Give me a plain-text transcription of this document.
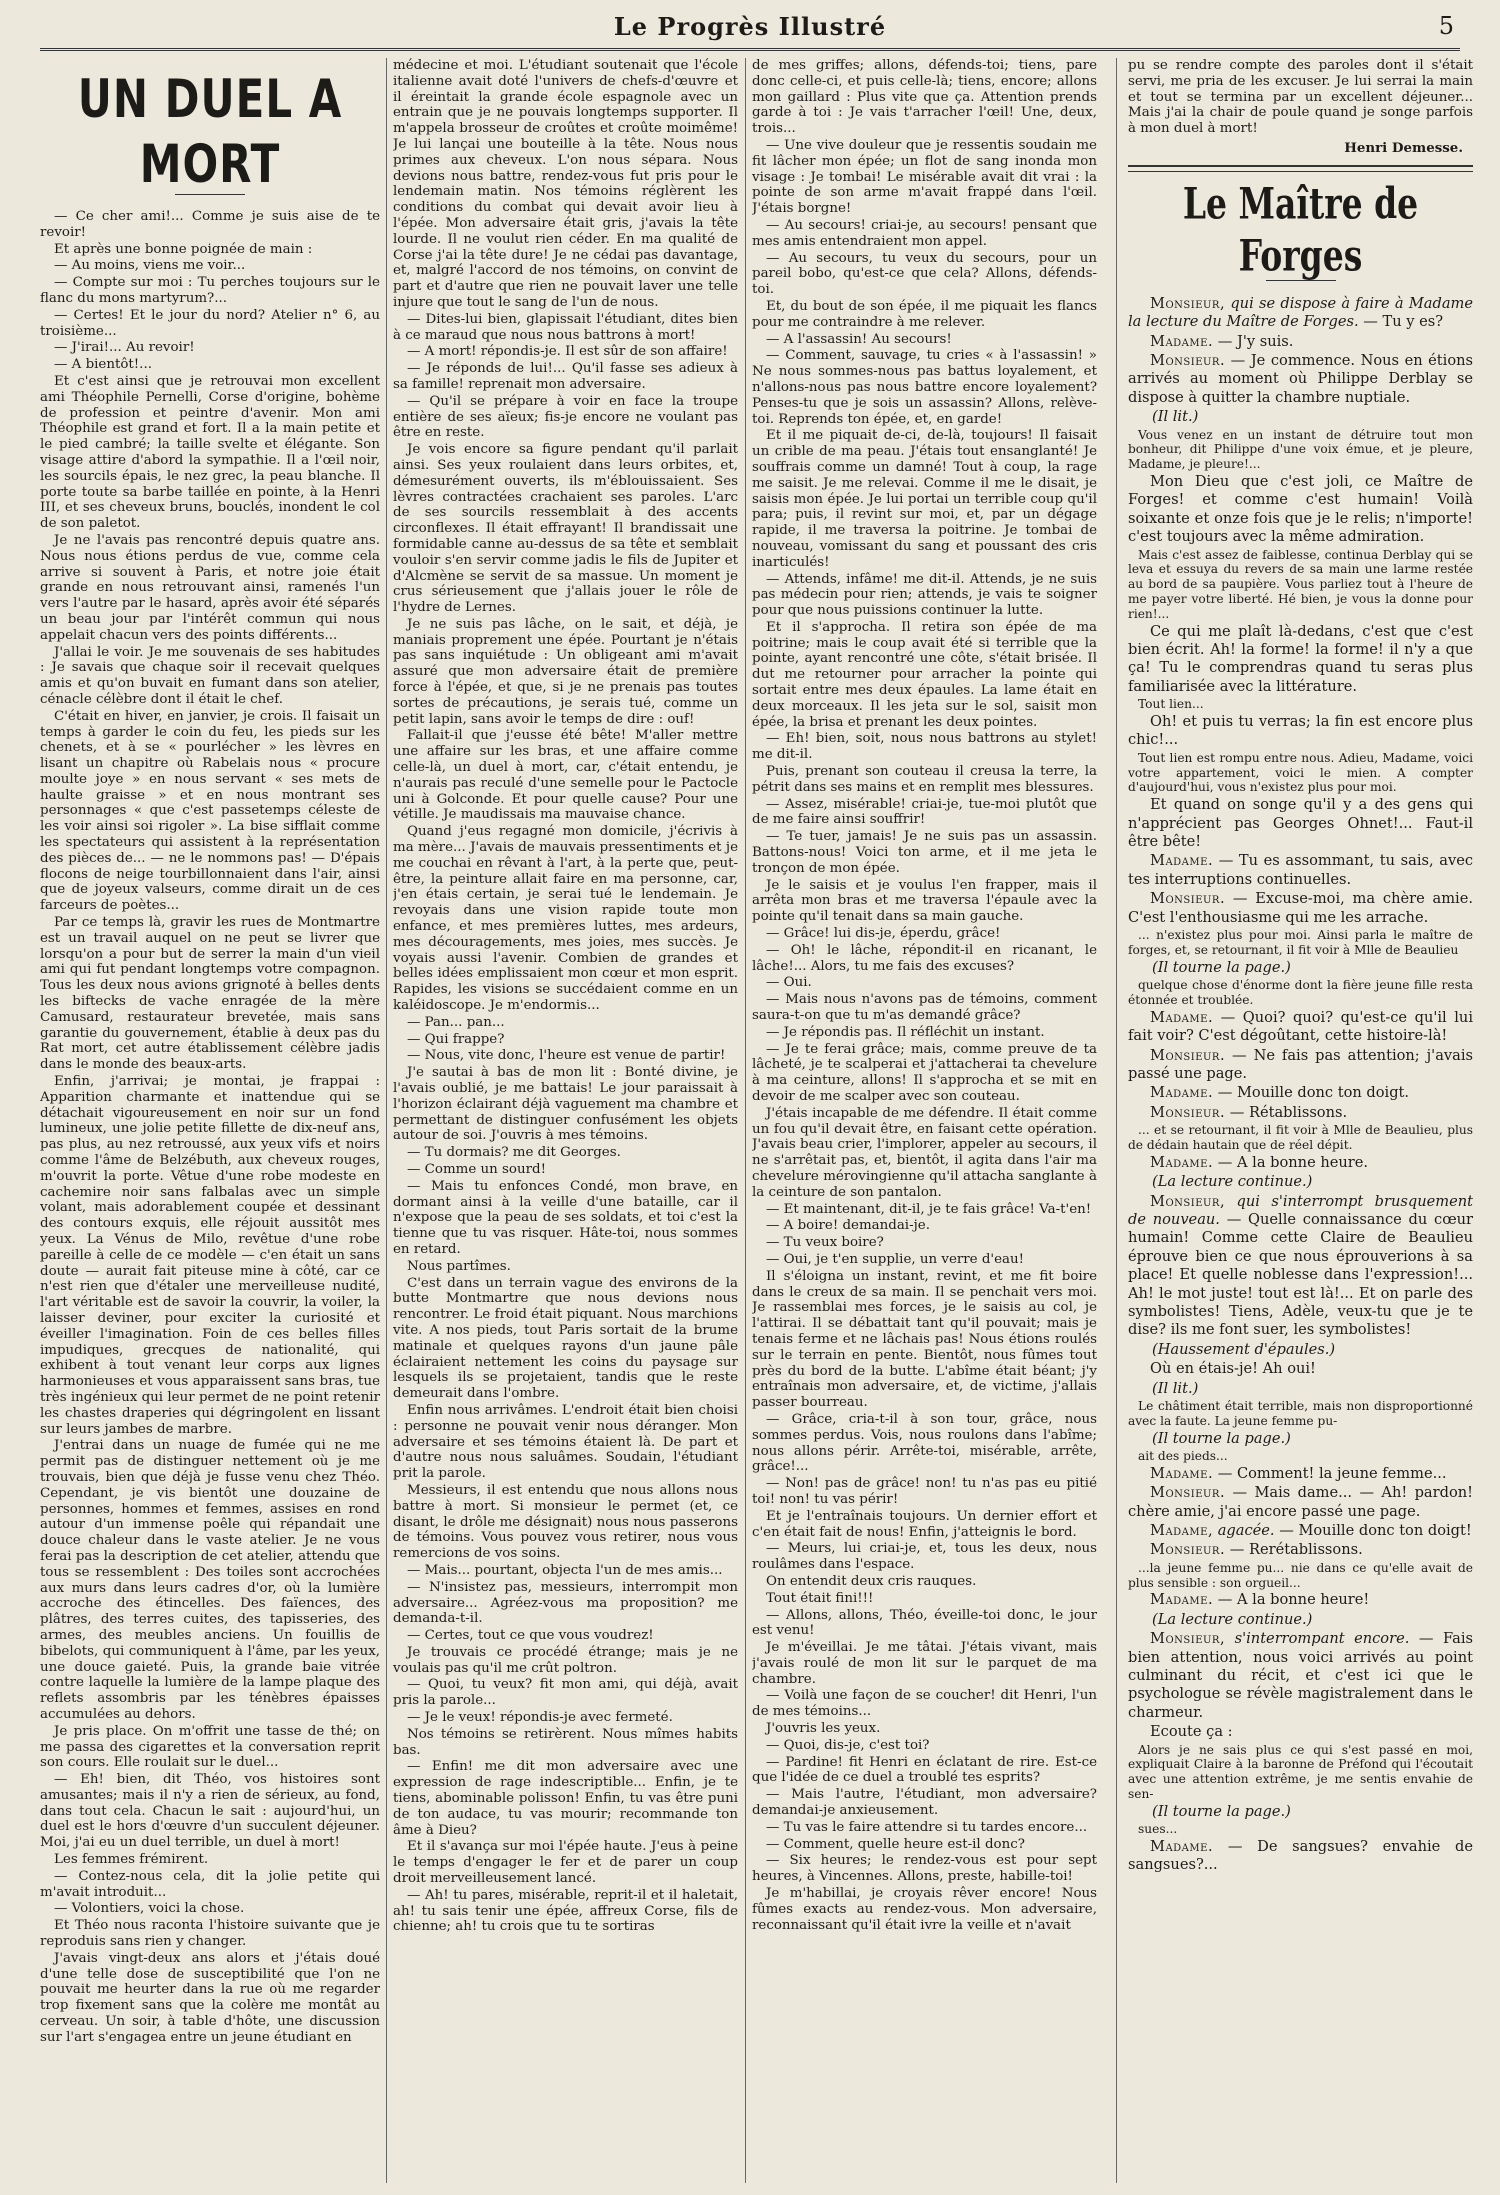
Le Progrès Illustré	5
UN DUEL A MORT

— Ce cher ami!... Comme je suis aise de te revoir!

Et après une bonne poignée de main :

— Au moins, viens me voir...

— Compte sur moi : Tu perches toujours sur le flanc du mons martyrum?...

— Certes! Et le jour du nord? Atelier n° 6, au troisième...

— J'irai!... Au revoir!

— A bientôt!...

Et c'est ainsi que je retrouvai mon excellent ami Théophile Pernelli, Corse d'origine, bohème de profession et peintre d'avenir. Mon ami Théophile est grand et fort. Il a la main petite et le pied cambré; la taille svelte et élégante. Son visage attire d'abord la sympathie. Il a l'œil noir, les sourcils épais, le nez grec, la peau blanche. Il porte toute sa barbe taillée en pointe, à la Henri III, et ses cheveux bruns, bouclés, inondent le col de son paletot.

Je ne l'avais pas rencontré depuis quatre ans. Nous nous étions perdus de vue, comme cela arrive si souvent à Paris, et notre joie était grande en nous retrouvant ainsi, ramenés l'un vers l'autre par le hasard, après avoir été séparés un beau jour par l'intérêt commun qui nous appelait chacun vers des points différents...

J'allai le voir. Je me souvenais de ses habitudes : Je savais que chaque soir il recevait quelques amis et qu'on buvait en fumant dans son atelier, cénacle célèbre dont il était le chef.

C'était en hiver, en janvier, je crois. Il faisait un temps à garder le coin du feu, les pieds sur les chenets, et à se « pourlécher » les lèvres en lisant un chapitre où Rabelais nous « procure moulte joye » en nous servant « ses mets de haulte graisse » et en nous montrant ses personnages « que c'est passetemps céleste de les voir ainsi soi rigoler ». La bise sifflait comme les spectateurs qui assistent à la représentation des pièces de... — ne le nommons pas! — D'épais flocons de neige tourbillonnaient dans l'air, ainsi que de joyeux valseurs, comme dirait un de ces farceurs de poètes...

Par ce temps là, gravir les rues de Montmartre est un travail auquel on ne peut se livrer que lorsqu'on a pour but de serrer la main d'un vieil ami qui fut pendant longtemps votre compagnon. Tous les deux nous avions grignoté à belles dents les biftecks de vache enragée de la mère Camusard, restaurateur brevetée, mais sans garantie du gouvernement, établie à deux pas du Rat mort, cet autre établissement célèbre jadis dans le monde des beaux-arts.

Enfin, j'arrivai; je montai, je frappai : Apparition charmante et inattendue qui se détachait vigoureusement en noir sur un fond lumineux, une jolie petite fillette de dix-neuf ans, pas plus, au nez retroussé, aux yeux vifs et noirs comme l'âme de Belzébuth, aux cheveux rouges, m'ouvrit la porte. Vêtue d'une robe modeste en cachemire noir sans falbalas avec un simple volant, mais adorablement coupée et dessinant des contours exquis, elle réjouit aussitôt mes yeux. La Vénus de Milo, revêtue d'une robe pareille à celle de ce modèle — c'en était un sans doute — aurait fait piteuse mine à côté, car ce n'est rien que d'étaler une merveilleuse nudité, l'art véritable est de savoir la couvrir, la voiler, la laisser deviner, pour exciter la curiosité et éveiller l'imagination. Foin de ces belles filles impudiques, grecques de nationalité, qui exhibent à tout venant leur corps aux lignes harmonieuses et vous apparaissent sans bras, tue très ingénieux qui leur permet de ne point retenir les chastes draperies qui dégringolent en lissant sur leurs jambes de marbre.

J'entrai dans un nuage de fumée qui ne me permit pas de distinguer nettement où je me trouvais, bien que déjà je fusse venu chez Théo. Cependant, je vis bientôt une douzaine de personnes, hommes et femmes, assises en rond autour d'un immense poêle qui répandait une douce chaleur dans le vaste atelier. Je ne vous ferai pas la description de cet atelier, attendu que tous se ressemblent : Des toiles sont accrochées aux murs dans leurs cadres d'or, où la lumière accroche des étincelles. Des faïences, des plâtres, des terres cuites, des tapisseries, des armes, des meubles anciens. Un fouillis de bibelots, qui communiquent à l'âme, par les yeux, une douce gaieté. Puis, la grande baie vitrée contre laquelle la lumière de la lampe plaque des reflets assombris par les ténèbres épaisses accumulées au dehors.

Je pris place. On m'offrit une tasse de thé; on me passa des cigarettes et la conversation reprit son cours. Elle roulait sur le duel...

— Eh! bien, dit Théo, vos histoires sont amusantes; mais il n'y a rien de sérieux, au fond, dans tout cela. Chacun le sait : aujourd'hui, un duel est le hors d'œuvre d'un succulent déjeuner. Moi, j'ai eu un duel terrible, un duel à mort!

Les femmes frémirent.

— Contez-nous cela, dit la jolie petite qui m'avait introduit...

— Volontiers, voici la chose.

Et Théo nous raconta l'histoire suivante que je reproduis sans rien y changer.

J'avais vingt-deux ans alors et j'étais doué d'une telle dose de susceptibilité que l'on ne pouvait me heurter dans la rue où me regarder trop fixement sans que la colère me montât au cerveau. Un soir, à table d'hôte, une discussion sur l'art s'engagea entre un jeune étudiant en

médecine et moi. L'étudiant soutenait que l'école italienne avait doté l'univers de chefs-d'œuvre et il éreintait la grande école espagnole avec un entrain que je ne pouvais longtemps supporter. Il m'appela brosseur de croûtes et croûte moimême! Je lui lançai une bouteille à la tête. Nous nous primes aux cheveux. L'on nous sépara. Nous devions nous battre, rendez-vous fut pris pour le lendemain matin. Nos témoins réglèrent les conditions du combat qui devait avoir lieu à l'épée. Mon adversaire était gris, j'avais la tête lourde. Il ne voulut rien céder. En ma qualité de Corse j'ai la tête dure! Je ne cédai pas davantage, et, malgré l'accord de nos témoins, on convint de part et d'autre que rien ne pouvait laver une telle injure que tout le sang de l'un de nous.

— Dites-lui bien, glapissait l'étudiant, dites bien à ce maraud que nous nous battrons à mort!

— A mort! répondis-je. Il est sûr de son affaire!

— Je réponds de lui!... Qu'il fasse ses adieux à sa famille! reprenait mon adversaire.

— Qu'il se prépare à voir en face la troupe entière de ses aïeux; fis-je encore ne voulant pas être en reste.

Je vois encore sa figure pendant qu'il parlait ainsi. Ses yeux roulaient dans leurs orbites, et, démesurément ouverts, ils m'éblouissaient. Ses lèvres contractées crachaient ses paroles. L'arc de ses sourcils ressemblait à des accents circonflexes. Il était effrayant! Il brandissait une formidable canne au-dessus de sa tête et semblait vouloir s'en servir comme jadis le fils de Jupiter et d'Alcmène se servit de sa massue. Un moment je crus sérieusement que j'allais jouer le rôle de l'hydre de Lernes.

Je ne suis pas lâche, on le sait, et déjà, je maniais proprement une épée. Pourtant je n'étais pas sans inquiétude : Un obligeant ami m'avait assuré que mon adversaire était de première force à l'épée, et que, si je ne prenais pas toutes sortes de précautions, je serais tué, comme un petit lapin, sans avoir le temps de dire : ouf!

Fallait-il que j'eusse été bête! M'aller mettre une affaire sur les bras, et une affaire comme celle-là, un duel à mort, car, c'était entendu, je n'aurais pas reculé d'une semelle pour le Pactocle uni à Golconde. Et pour quelle cause? Pour une vétille. Je maudissais ma mauvaise chance.

Quand j'eus regagné mon domicile, j'écrivis à ma mère... J'avais de mauvais pressentiments et je me couchai en rêvant à l'art, à la perte que, peut-être, la peinture allait faire en ma personne, car, j'en étais certain, je serai tué le lendemain. Je revoyais dans une vision rapide toute mon enfance, et mes premières luttes, mes ardeurs, mes découragements, mes joies, mes succès. Je voyais aussi l'avenir. Combien de grandes et belles idées emplissaient mon cœur et mon esprit. Rapides, les visions se succédaient comme en un kaléidoscope. Je m'endormis...

— Pan... pan...

— Qui frappe?

— Nous, vite donc, l'heure est venue de partir!

J'e sautai à bas de mon lit : Bonté divine, je l'avais oublié, je me battais! Le jour paraissait à l'horizon éclairant déjà vaguement ma chambre et permettant de distinguer confusément les objets autour de soi. J'ouvris à mes témoins.

— Tu dormais? me dit Georges.

— Comme un sourd!

— Mais tu enfonces Condé, mon brave, en dormant ainsi à la veille d'une bataille, car il n'expose que la peau de ses soldats, et toi c'est la tienne que tu vas risquer. Hâte-toi, nous sommes en retard.

Nous partîmes.

C'est dans un terrain vague des environs de la butte Montmartre que nous devions nous rencontrer. Le froid était piquant. Nous marchions vite. A nos pieds, tout Paris sortait de la brume matinale et quelques rayons d'un jaune pâle éclairaient nettement les coins du paysage sur lesquels ils se projetaient, tandis que le reste demeurait dans l'ombre.

Enfin nous arrivâmes. L'endroit était bien choisi : personne ne pouvait venir nous déranger. Mon adversaire et ses témoins étaient là. De part et d'autre nous nous saluâmes. Soudain, l'étudiant prit la parole.

Messieurs, il est entendu que nous allons nous battre à mort. Si monsieur le permet (et, ce disant, le drôle me désignait) nous nous passerons de témoins. Vous pouvez vous retirer, nous vous remercions de vos soins.

— Mais... pourtant, objecta l'un de mes amis...

— N'insistez pas, messieurs, interrompit mon adversaire... Agréez-vous ma proposition? me demanda-t-il.

— Certes, tout ce que vous voudrez!

Je trouvais ce procédé étrange; mais je ne voulais pas qu'il me crût poltron.

— Quoi, tu veux? fit mon ami, qui déjà, avait pris la parole...

— Je le veux! répondis-je avec fermeté.

Nos témoins se retirèrent. Nous mîmes habits bas.

— Enfin! me dit mon adversaire avec une expression de rage indescriptible... Enfin, je te tiens, abominable polisson! Enfin, tu vas être puni de ton audace, tu vas mourir; recommande ton âme à Dieu?

Et il s'avança sur moi l'épée haute. J'eus à peine le temps d'engager le fer et de parer un coup droit merveilleusement lancé.

— Ah! tu pares, misérable, reprit-il et il haletait, ah! tu sais tenir une épée, affreux Corse, fils de chienne; ah! tu crois que tu te sortiras

de mes griffes; allons, défends-toi; tiens, pare donc celle-ci, et puis celle-là; tiens, encore; allons mon gaillard : Plus vite que ça. Attention prends garde à toi : Je vais t'arracher l'œil! Une, deux, trois...

— Une vive douleur que je ressentis soudain me fit lâcher mon épée; un flot de sang inonda mon visage : Je tombai! Le misérable avait dit vrai : la pointe de son arme m'avait frappé dans l'œil. J'étais borgne!

— Au secours! criai-je, au secours! pensant que mes amis entendraient mon appel.

— Au secours, tu veux du secours, pour un pareil bobo, qu'est-ce que cela? Allons, défends-toi.

Et, du bout de son épée, il me piquait les flancs pour me contraindre à me relever.

— A l'assassin! Au secours!

— Comment, sauvage, tu cries « à l'assassin! » Ne nous sommes-nous pas battus loyalement, et n'allons-nous pas nous battre encore loyalement? Penses-tu que je sois un assassin? Allons, relève-toi. Reprends ton épée, et, en garde!

Et il me piquait de-ci, de-là, toujours! Il faisait un crible de ma peau. J'étais tout ensanglanté! Je souffrais comme un damné! Tout à coup, la rage me saisit. Je me relevai. Comme il me le disait, je saisis mon épée. Je lui portai un terrible coup qu'il para; puis, il revint sur moi, et, par un dégage rapide, il me traversa la poitrine. Je tombai de nouveau, vomissant du sang et poussant des cris inarticulés!

— Attends, infâme! me dit-il. Attends, je ne suis pas médecin pour rien; attends, je vais te soigner pour que nous puissions continuer la lutte.

Et il s'approcha. Il retira son épée de ma poitrine; mais le coup avait été si terrible que la pointe, ayant rencontré une côte, s'était brisée. Il dut me retourner pour arracher la pointe qui sortait entre mes deux épaules. La lame était en deux morceaux. Il les jeta sur le sol, saisit mon épée, la brisa et prenant les deux pointes.

— Eh! bien, soit, nous nous battrons au stylet! me dit-il.

Puis, prenant son couteau il creusa la terre, la pétrit dans ses mains et en remplit mes blessures.

— Assez, misérable! criai-je, tue-moi plutôt que de me faire ainsi souffrir!

— Te tuer, jamais! Je ne suis pas un assassin. Battons-nous! Voici ton arme, et il me jeta le tronçon de mon épée.

Je le saisis et je voulus l'en frapper, mais il arrêta mon bras et me traversa l'épaule avec la pointe qu'il tenait dans sa main gauche.

— Grâce! lui dis-je, éperdu, grâce!

— Oh! le lâche, répondit-il en ricanant, le lâche!... Alors, tu me fais des excuses?

— Oui.

— Mais nous n'avons pas de témoins, comment saura-t-on que tu m'as demandé grâce?

— Je répondis pas. Il réfléchit un instant.

— Je te ferai grâce; mais, comme preuve de ta lâcheté, je te scalperai et j'attacherai ta chevelure à ma ceinture, allons! Il s'approcha et se mit en devoir de me scalper avec son couteau.

J'étais incapable de me défendre. Il était comme un fou qu'il devait être, en faisant cette opération. J'avais beau crier, l'implorer, appeler au secours, il ne s'arrêtait pas, et, bientôt, il agita dans l'air ma chevelure mérovingienne qu'il attacha sanglante à la ceinture de son pantalon.

— Et maintenant, dit-il, je te fais grâce! Va-t'en!

— A boire! demandai-je.

— Tu veux boire?

— Oui, je t'en supplie, un verre d'eau!

Il s'éloigna un instant, revint, et me fit boire dans le creux de sa main. Il se penchait vers moi. Je rassemblai mes forces, je le saisis au col, je l'attirai. Il se débattait tant qu'il pouvait; mais je tenais ferme et ne lâchais pas! Nous étions roulés sur le terrain en pente. Bientôt, nous fûmes tout près du bord de la butte. L'abîme était béant; j'y entraînais mon adversaire, et, de victime, j'allais passer bourreau.

— Grâce, cria-t-il à son tour, grâce, nous sommes perdus. Vois, nous roulons dans l'abîme; nous allons périr. Arrête-toi, misérable, arrête, grâce!...

— Non! pas de grâce! non! tu n'as pas eu pitié toi! non! tu vas périr!

Et je l'entraînais toujours. Un dernier effort et c'en était fait de nous! Enfin, j'atteignis le bord.

— Meurs, lui criai-je, et, tous les deux, nous roulâmes dans l'espace.

On entendit deux cris rauques.

Tout était fini!!!

— Allons, allons, Théo, éveille-toi donc, le jour est venu!

Je m'éveillai. Je me tâtai. J'étais vivant, mais j'avais roulé de mon lit sur le parquet de ma chambre.

— Voilà une façon de se coucher! dit Henri, l'un de mes témoins...

J'ouvris les yeux.

— Quoi, dis-je, c'est toi?

— Pardine! fit Henri en éclatant de rire. Est-ce que l'idée de ce duel a troublé tes esprits?

— Mais l'autre, l'étudiant, mon adversaire? demandai-je anxieusement.

— Tu vas le faire attendre si tu tardes encore...

— Comment, quelle heure est-il donc?

— Six heures; le rendez-vous est pour sept heures, à Vincennes. Allons, preste, habille-toi!

Je m'habillai, je croyais rêver encore! Nous fûmes exacts au rendez-vous. Mon adversaire, reconnaissant qu'il était ivre la veille et n'avait

pu se rendre compte des paroles dont il s'était servi, me pria de les excuser. Je lui serrai la main et tout se termina par un excellent déjeuner... Mais j'ai la chair de poule quand je songe parfois à mon duel à mort!

Henri Demesse.
Le Maître de Forges

Monsieur, qui se dispose à faire à Madame la lecture du Maître de Forges. — Tu y es?

Madame. — J'y suis.

Monsieur. — Je commence. Nous en étions arrivés au moment où Philippe Derblay se dispose à quitter la chambre nuptiale.

(Il lit.)

Vous venez en un instant de détruire tout mon bonheur, dit Philippe d'une voix émue, et je pleure, Madame, je pleure!...

Mon Dieu que c'est joli, ce Maître de Forges! et comme c'est humain! Voilà soixante et onze fois que je le relis; n'importe! c'est toujours avec la même admiration.

Mais c'est assez de faiblesse, continua Derblay qui se leva et essuya du revers de sa main une larme restée au bord de sa paupière. Vous parliez tout à l'heure de me payer votre liberté. Hé bien, je vous la donne pour rien!...

Ce qui me plaît là-dedans, c'est que c'est bien écrit. Ah! la forme! la forme! il n'y a que ça! Tu le comprendras quand tu seras plus familiarisée avec la littérature.

Tout lien...

Oh! et puis tu verras; la fin est encore plus chic!...

Tout lien est rompu entre nous. Adieu, Madame, voici votre appartement, voici le mien. A compter d'aujourd'hui, vous n'existez plus pour moi.

Et quand on songe qu'il y a des gens qui n'apprécient pas Georges Ohnet!... Faut-il être bête!

Madame. — Tu es assommant, tu sais, avec tes interruptions continuelles.

Monsieur. — Excuse-moi, ma chère amie. C'est l'enthousiasme qui me les arrache.

... n'existez plus pour moi. Ainsi parla le maître de forges, et, se retournant, il fit voir à Mlle de Beaulieu

(Il tourne la page.)

quelque chose d'énorme dont la fière jeune fille resta étonnée et troublée.

Madame. — Quoi? quoi? qu'est-ce qu'il lui fait voir? C'est dégoûtant, cette histoire-là!

Monsieur. — Ne fais pas attention; j'avais passé une page.

Madame. — Mouille donc ton doigt.

Monsieur. — Rétablissons.

... et se retournant, il fit voir à Mlle de Beaulieu, plus de dédain hautain que de réel dépit.

Madame. — A la bonne heure.

(La lecture continue.)

Monsieur, qui s'interrompt brusquement de nouveau. — Quelle connaissance du cœur humain! Comme cette Claire de Beaulieu éprouve bien ce que nous éprouverions à sa place! Et quelle noblesse dans l'expression!... Ah! le mot juste! tout est là!... Et on parle des symbolistes! Tiens, Adèle, veux-tu que je te dise? ils me font suer, les symbolistes!

(Haussement d'épaules.)

Où en étais-je! Ah oui!

(Il lit.)

Le châtiment était terrible, mais non disproportionné avec la faute. La jeune femme pu-

(Il tourne la page.)

ait des pieds...

Madame. — Comment! la jeune femme...

Monsieur. — Mais dame... — Ah! pardon! chère amie, j'ai encore passé une page.

Madame, agacée. — Mouille donc ton doigt!

Monsieur. — Rerétablissons.

...la jeune femme pu... nie dans ce qu'elle avait de plus sensible : son orgueil...

Madame. — A la bonne heure!

(La lecture continue.)

Monsieur, s'interrompant encore. — Fais bien attention, nous voici arrivés au point culminant du récit, et c'est ici que le psychologue se révèle magistralement dans le charmeur.

Ecoute ça :

Alors je ne sais plus ce qui s'est passé en moi, expliquait Claire à la baronne de Préfond qui l'écoutait avec une attention extrême, je me sentis envahie de sen-

(Il tourne la page.)

sues...

Madame. — De sangsues? envahie de sangsues?...
